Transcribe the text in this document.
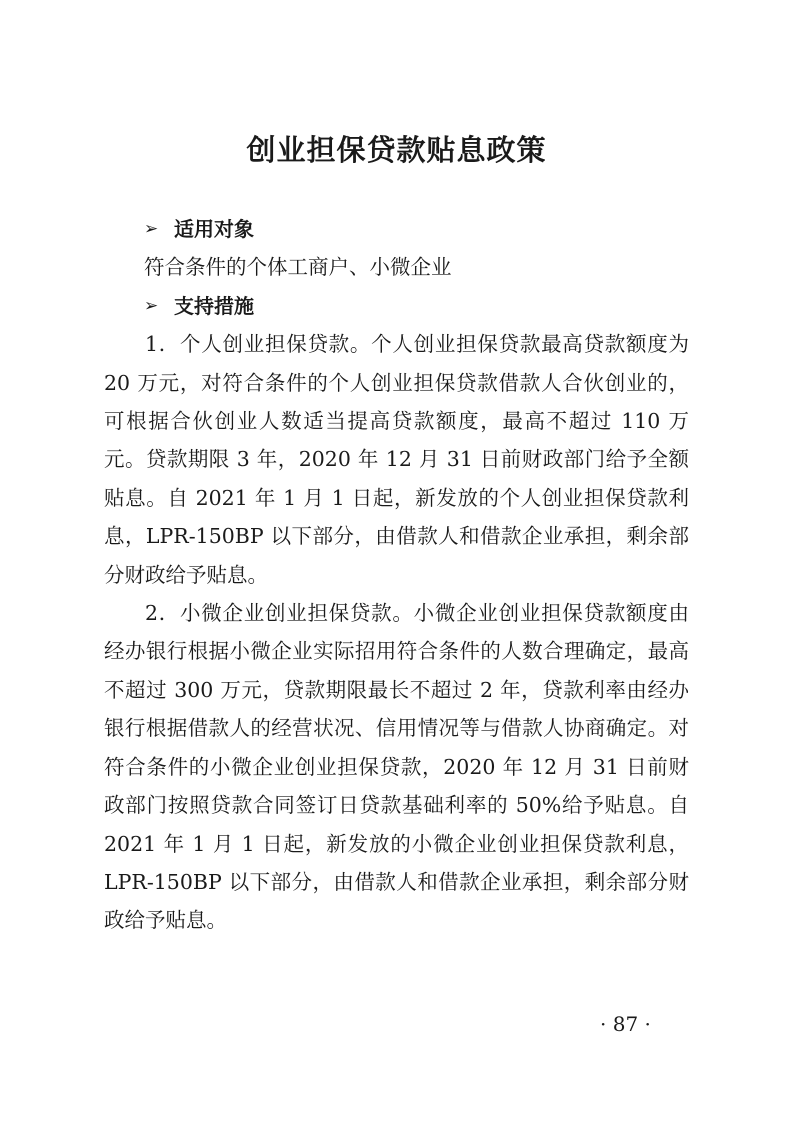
创业担保贷款贴息政策
➢ 适用对象

符合条件的个体工商户、小微企业

➢ 支持措施

1．个人创业担保贷款。个人创业担保贷款最高贷款额度为 20 万元，对符合条件的个人创业担保贷款借款人合伙创业的，可根据合伙创业人数适当提高贷款额度，最高不超过 110 万元。贷款期限 3 年，2020 年 12 月 31 日前财政部门给予全额贴息。自 2021 年 1 月 1 日起，新发放的个人创业担保贷款利息，LPR-150BP 以下部分，由借款人和借款企业承担，剩余部分财政给予贴息。

2．小微企业创业担保贷款。小微企业创业担保贷款额度由经办银行根据小微企业实际招用符合条件的人数合理确定，最高不超过 300 万元，贷款期限最长不超过 2 年，贷款利率由经办银行根据借款人的经营状况、信用情况等与借款人协商确定。对符合条件的小微企业创业担保贷款，2020 年 12 月 31 日前财政部门按照贷款合同签订日贷款基础利率的 50%给予贴息。自 2021 年 1 月 1 日起，新发放的小微企业创业担保贷款利息，LPR-150BP 以下部分，由借款人和借款企业承担，剩余部分财政给予贴息。

· 87 ·
